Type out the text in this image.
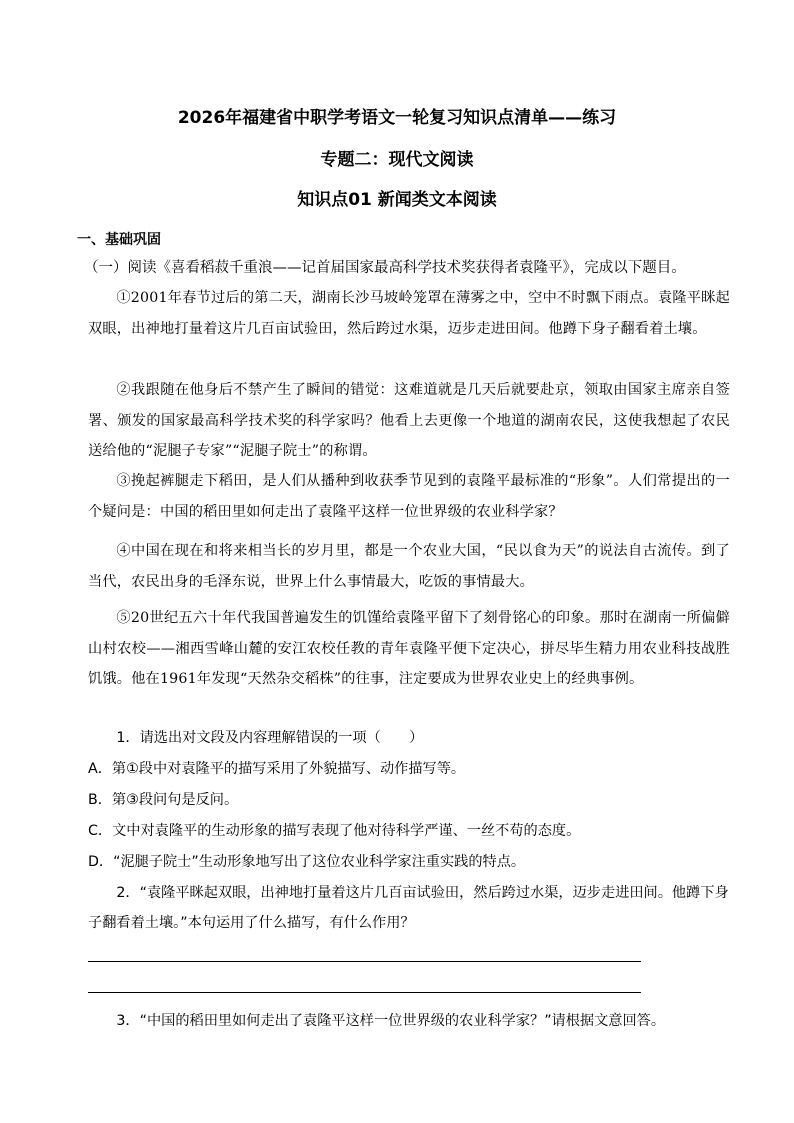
2026年福建省中职学考语文一轮复习知识点清单——练习
专题二：现代文阅读
知识点01 新闻类文本阅读
一、基础巩固
（一）阅读《喜看稻菽千重浪——记首届国家最高科学技术奖获得者袁隆平》，完成以下题目。
①2001年春节过后的第二天，湖南长沙马坡岭笼罩在薄雾之中，空中不时飘下雨点。袁隆平眯起双眼，出神地打量着这片几百亩试验田，然后跨过水渠，迈步走进田间。他蹲下身子翻看着土壤。
②我跟随在他身后不禁产生了瞬间的错觉：这难道就是几天后就要赴京，领取由国家主席亲自签署、颁发的国家最高科学技术奖的科学家吗？他看上去更像一个地道的湖南农民，这使我想起了农民送给他的“泥腿子专家”“泥腿子院士”的称谓。
③挽起裤腿走下稻田，是人们从播种到收获季节见到的袁隆平最标准的“形象”。人们常提出的一个疑问是：中国的稻田里如何走出了袁隆平这样一位世界级的农业科学家？
④中国在现在和将来相当长的岁月里，都是一个农业大国，“民以食为天”的说法自古流传。到了当代，农民出身的毛泽东说，世界上什么事情最大，吃饭的事情最大。
⑤20世纪五六十年代我国普遍发生的饥馑给袁隆平留下了刻骨铭心的印象。那时在湖南一所偏僻山村农校——湘西雪峰山麓的安江农校任教的青年袁隆平便下定决心，拼尽毕生精力用农业科技战胜饥饿。他在1961年发现“天然杂交稻株”的往事，注定要成为世界农业史上的经典事例。
1．请选出对文段及内容理解错误的一项（　　）
A．第①段中对袁隆平的描写采用了外貌描写、动作描写等。
B．第③段问句是反问。
C．文中对袁隆平的生动形象的描写表现了他对待科学严谨、一丝不苟的态度。
D．“泥腿子院士”生动形象地写出了这位农业科学家注重实践的特点。
2．“袁隆平眯起双眼，出神地打量着这片几百亩试验田，然后跨过水渠，迈步走进田间。他蹲下身子翻看着土壤。”本句运用了什么描写，有什么作用？
3．“中国的稻田里如何走出了袁隆平这样一位世界级的农业科学家？”请根据文意回答。
